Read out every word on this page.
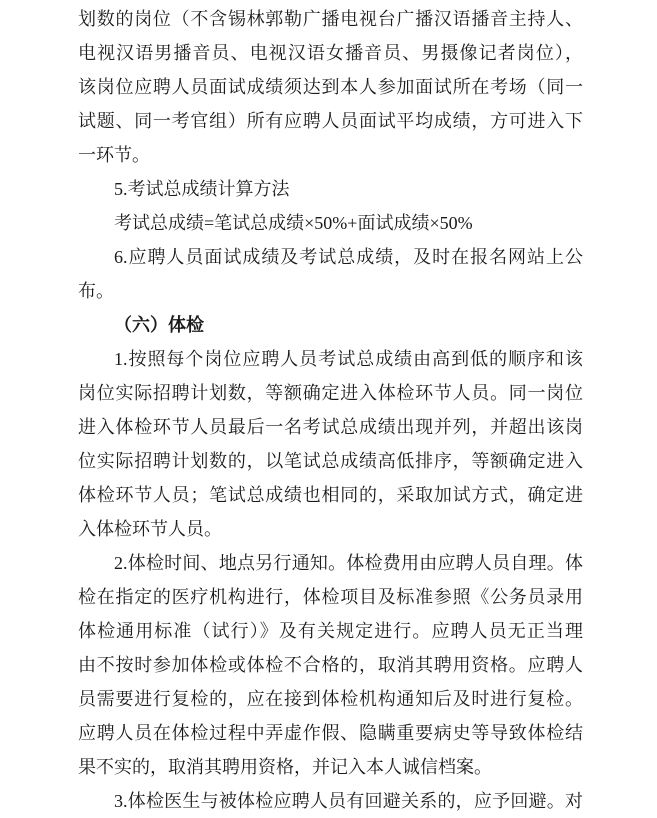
划数的岗位（不含锡林郭勒广播电视台广播汉语播音主持人、
电视汉语男播音员、电视汉语女播音员、男摄像记者岗位），
该岗位应聘人员面试成绩须达到本人参加面试所在考场（同一
试题、同一考官组）所有应聘人员面试平均成绩，方可进入下
一环节。
5.考试总成绩计算方法
考试总成绩=笔试总成绩×50%+面试成绩×50%
6.应聘人员面试成绩及考试总成绩，及时在报名网站上公
布。
（六）体检
1.按照每个岗位应聘人员考试总成绩由高到低的顺序和该
岗位实际招聘计划数，等额确定进入体检环节人员。同一岗位
进入体检环节人员最后一名考试总成绩出现并列，并超出该岗
位实际招聘计划数的，以笔试总成绩高低排序，等额确定进入
体检环节人员；笔试总成绩也相同的，采取加试方式，确定进
入体检环节人员。
2.体检时间、地点另行通知。体检费用由应聘人员自理。体
检在指定的医疗机构进行，体检项目及标准参照《公务员录用
体检通用标准（试行）》及有关规定进行。应聘人员无正当理
由不按时参加体检或体检不合格的，取消其聘用资格。应聘人
员需要进行复检的，应在接到体检机构通知后及时进行复检。
应聘人员在体检过程中弄虚作假、隐瞒重要病史等导致体检结
果不实的，取消其聘用资格，并记入本人诚信档案。
3.体检医生与被体检应聘人员有回避关系的，应予回避。对
